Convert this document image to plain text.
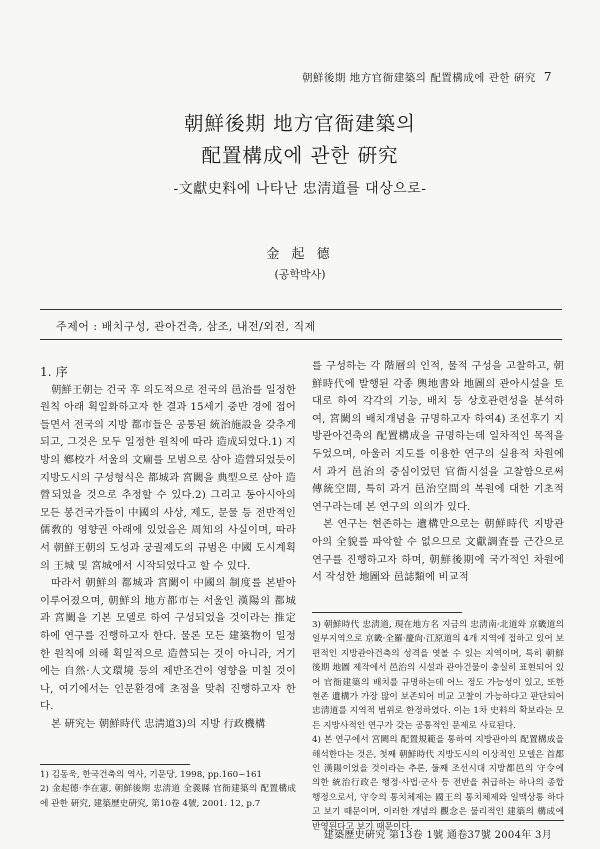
朝鮮後期 地方官衙建築의 配置構成에 관한 硏究 7
朝鮮後期 地方官衙建築의
配置構成에 관한 硏究
-文獻史料에 나타난 忠淸道를 대상으로-
金 起 德
(공학박사)
주제어 : 배치구성, 관아건축, 삼조, 내전/외전, 직제

1. 序

朝鮮王朝는 건국 후 의도적으로 전국의 邑治를 일정한 원칙 아래 획일화하고자 한 결과 15세기 중반 경에 접어들면서 전국의 지방 都市들은 공통된 統治施設을 갖추게 되고, 그것은 모두 일정한 원칙에 따라 造成되었다.1) 지방의 鄕校가 서울의 文廟를 모범으로 삼아 造營되었듯이 지방도시의 구성형식은 都城과 宮闕을 典型으로 삼아 造營되었을 것으로 추정할 수 있다.2) 그리고 동아시아의 모든 봉건국가들이 中國의 사상, 제도, 문물 등 전반적인 儒敎的 영향권 아래에 있었음은 周知의 사실이며, 따라서 朝鮮王朝의 도성과 궁궐제도의 규범은 中國 도시계획의 王城 및 宮城에서 시작되었다고 할 수 있다.

따라서 朝鮮의 都城과 宮闕이 中國의 制度를 본받아 이루어졌으며, 朝鮮의 地方都市는 서울인 漢陽의 都城과 宮闕을 기본 모델로 하여 구성되었을 것이라는 推定하에 연구를 진행하고자 한다. 물론 모든 建築物이 일정한 원칙에 의해 획일적으로 造營되는 것이 아니라, 거기에는 自然·人文環境 등의 제반조건이 영향을 미칠 것이나, 여기에서는 인문환경에 초점을 맞춰 진행하고자 한다.

본 硏究는 朝鮮時代 忠淸道3)의 지방 行政機構

를 구성하는 각 階層의 인적, 물적 구성을 고찰하고, 朝鮮時代에 발행된 각종 輿地書와 地圖의 관아시설을 토대로 하여 각각의 기능, 배치 등 상호관련성을 분석하여, 宮闕의 배치개념을 규명하고자 하여4) 조선후기 지방관아건축의 配置構成을 규명하는데 일차적인 목적을 두었으며, 아울러 지도를 이용한 연구의 실용적 차원에서 과거 邑治의 중심이었던 官衙시설을 고찰함으로써 傳統空間, 특히 과거 邑治空間의 복원에 대한 기초적 연구라는데 본 연구의 의의가 있다.

본 연구는 현존하는 遺構만으로는 朝鮮時代 지방관아의 全貌를 파악할 수 없으므로 文獻調査를 근간으로 연구를 진행하고자 하며, 朝鮮後期에 국가적인 차원에서 작성한 地圖와 邑誌類에 비교적

1) 김동욱, 한국건축의 역사, 기문당, 1998, pp.160~161

2) 金起德·李在憲, 朝鮮後期 忠淸道 全義縣 官衙建築의 配置構成에 관한 硏究, 建築歷史硏究, 第10卷 4號, 2001. 12, p.7

3) 朝鮮時代 忠淸道, 現在地方名 지금의 忠淸南·北道와 京畿道의 일부지역으로 京畿·全羅·慶尙·江原道의 4개 지역에 접하고 있어 보편적인 지방관아건축의 성격을 엿볼 수 있는 지역이며, 특히 朝鮮後期 地圖 제작에서 邑治의 시설과 관아건물이 충실히 표현되어 있어 官衙建築의 배치를 규명하는데 어느 정도 가능성이 있고, 또한 현존 遺構가 가장 많이 보존되어 비교 고찰이 가능하다고 판단되어 忠淸道를 지역적 범위로 한정하였다. 이는 1차 史料의 확보라는 모든 지방사적인 연구가 갖는 공통적인 문제로 사료된다.

4) 본 연구에서 宮闕의 配置規範을 통하여 지방관아의 配置構成을 해석한다는 것은, 첫째 朝鮮時代 지방도시의 이상적인 모델은 首都인 漢陽이었을 것이라는 추론, 둘째 조선시대 지방都邑의 守令에 의한 統治行政은 행정·사법·군사 등 전반을 취급하는 하나의 종합행정으로서, 守令의 통치체제는 國王의 통치체제와 일맥상통 하다고 보기 때문이며, 이러한 개념의 觀念은 물리적인 建築의 構成에 반영된다고 보기 때문이다.

建築歷史硏究 第13卷 1號 通卷37號 2004年 3月
